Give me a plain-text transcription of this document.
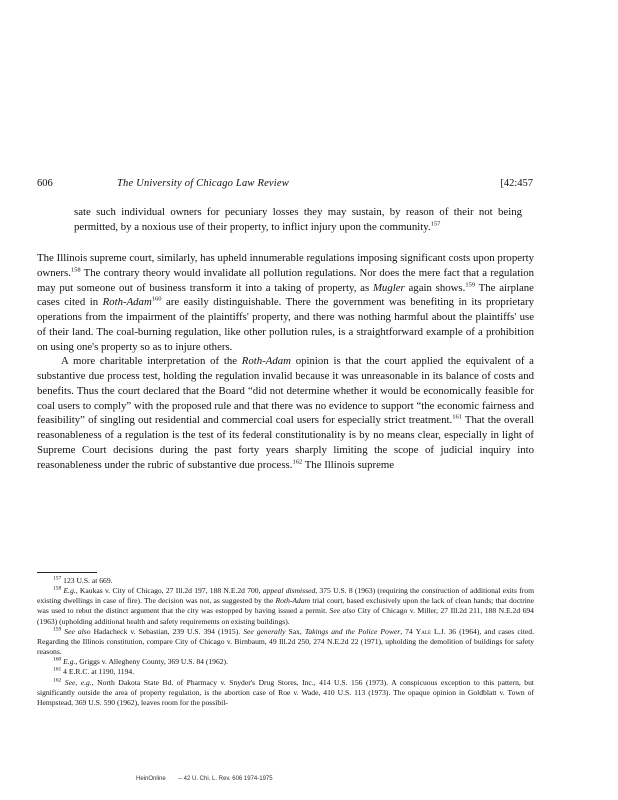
606	The University of Chicago Law Review	[42:457
sate such individual owners for pecuniary losses they may sustain, by reason of their not being permitted, by a noxious use of their property, to inflict injury upon the community.$^{157}$

The Illinois supreme court, similarly, has upheld innumerable regulations imposing significant costs upon property owners.$^{158}$ The contrary theory would invalidate all pollution regulations. Nor does the mere fact that a regulation may put someone out of business transform it into a taking of property, as Mugler again shows.$^{159}$ The airplane cases cited in Roth-Adam$^{160}$ are easily distinguishable. There the government was benefiting in its proprietary operations from the impairment of the plaintiffs' property, and there was nothing harmful about the plaintiffs' use of their land. The coal-burning regulation, like other pollution rules, is a straightforward example of a prohibition on using one's property so as to injure others.

A more charitable interpretation of the Roth-Adam opinion is that the court applied the equivalent of a substantive due process test, holding the regulation invalid because it was unreasonable in its balance of costs and benefits. Thus the court declared that the Board “did not determine whether it would be economically feasible for coal users to comply” with the proposed rule and that there was no evidence to support “the economic fairness and feasibility” of singling out residential and commercial coal users for especially strict treatment.$^{161}$ That the overall reasonableness of a regulation is the test of its federal constitutionality is by no means clear, especially in light of Supreme Court decisions during the past forty years sharply limiting the scope of judicial inquiry into reasonableness under the rubric of substantive due process.$^{162}$ The Illinois supreme

$^{157}$ 123 U.S. at 669.

$^{158}$ E.g., Kaukas v. City of Chicago, 27 Ill.2d 197, 188 N.E.2d 700, appeal dismissed, 375 U.S. 8 (1963) (requiring the construction of additional exits from existing dwellings in case of fire). The decision was not, as suggested by the Roth-Adam trial court, based exclusively upon the lack of clean hands; that doctrine was used to rebut the distinct argument that the city was estopped by having issued a permit. See also City of Chicago v. Miller, 27 Ill.2d 211, 188 N.E.2d 694 (1963) (upholding additional health and safety requirements on existing buildings).

$^{159}$ See also Hadacheck v. Sebastian, 239 U.S. 394 (1915). See generally Sax, Takings and the Police Power, 74 Yale L.J. 36 (1964), and cases cited. Regarding the Illinois constitution, compare City of Chicago v. Birnbaum, 49 Ill.2d 250, 274 N.E.2d 22 (1971), upholding the demolition of buildings for safety reasons.

$^{160}$ E.g., Griggs v. Allegheny County, 369 U.S. 84 (1962).

$^{161}$ 4 E.R.C. at 1190, 1194.

$^{162}$ See, e.g., North Dakota State Bd. of Pharmacy v. Snyder's Drug Stores, Inc., 414 U.S. 156 (1973). A conspicuous exception to this pattern, but significantly outside the area of property regulation, is the abortion case of Roe v. Wade, 410 U.S. 113 (1973). The opaque opinion in Goldblatt v. Town of Hempstead, 369 U.S. 590 (1962), leaves room for the possibil-

HeinOnline -- 42 U. Chi. L. Rev. 606 1974-1975
